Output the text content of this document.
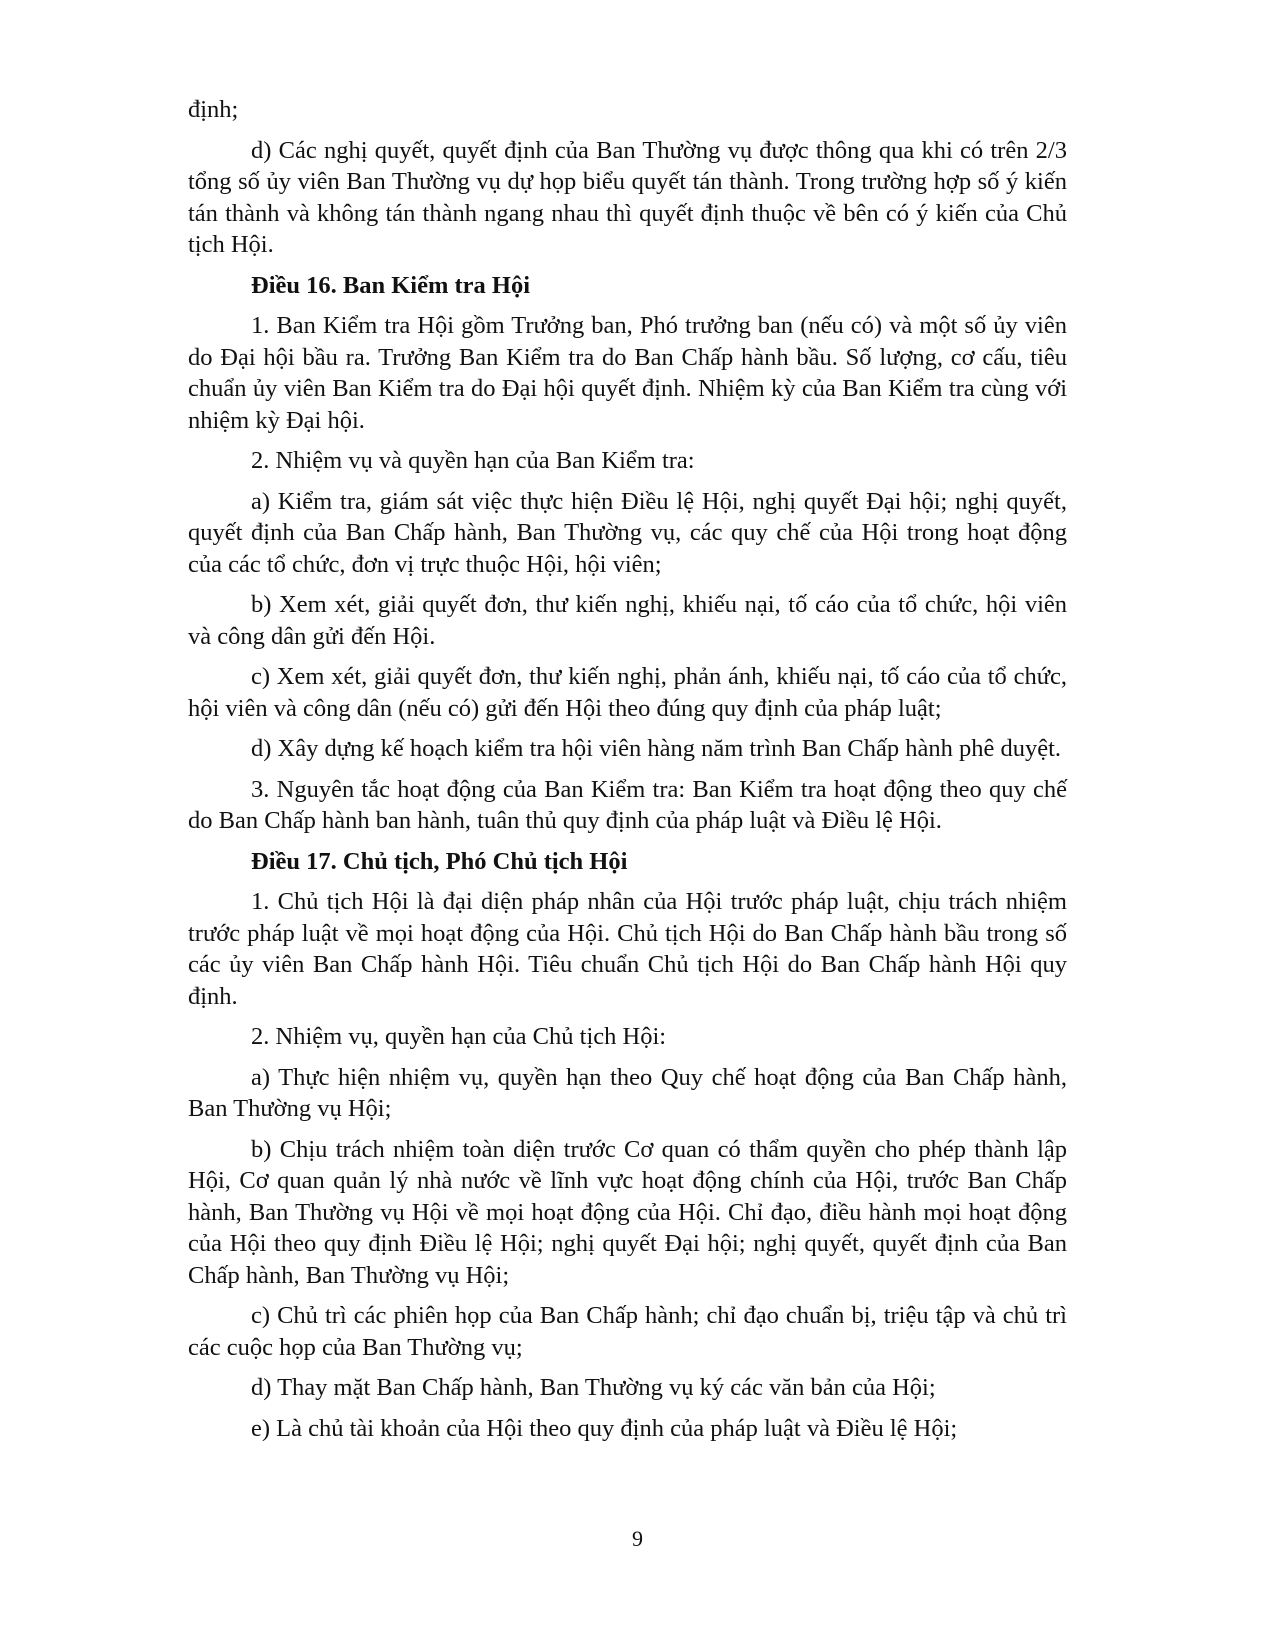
định;

d) Các nghị quyết, quyết định của Ban Thường vụ được thông qua khi có trên 2/3 tổng số ủy viên Ban Thường vụ dự họp biểu quyết tán thành. Trong trường hợp số ý kiến tán thành và không tán thành ngang nhau thì quyết định thuộc về bên có ý kiến của Chủ tịch Hội.

Điều 16. Ban Kiểm tra Hội

1. Ban Kiểm tra Hội gồm Trưởng ban, Phó trưởng ban (nếu có) và một số ủy viên do Đại hội bầu ra. Trưởng Ban Kiểm tra do Ban Chấp hành bầu. Số lượng, cơ cấu, tiêu chuẩn ủy viên Ban Kiểm tra do Đại hội quyết định. Nhiệm kỳ của Ban Kiểm tra cùng với nhiệm kỳ Đại hội.

2. Nhiệm vụ và quyền hạn của Ban Kiểm tra:

a) Kiểm tra, giám sát việc thực hiện Điều lệ Hội, nghị quyết Đại hội; nghị quyết, quyết định của Ban Chấp hành, Ban Thường vụ, các quy chế của Hội trong hoạt động của các tổ chức, đơn vị trực thuộc Hội, hội viên;

b) Xem xét, giải quyết đơn, thư kiến nghị, khiếu nại, tố cáo của tổ chức, hội viên và công dân gửi đến Hội.

c) Xem xét, giải quyết đơn, thư kiến nghị, phản ánh, khiếu nại, tố cáo của tổ chức, hội viên và công dân (nếu có) gửi đến Hội theo đúng quy định của pháp luật;

d) Xây dựng kế hoạch kiểm tra hội viên hàng năm trình Ban Chấp hành phê duyệt.

3. Nguyên tắc hoạt động của Ban Kiểm tra: Ban Kiểm tra hoạt động theo quy chế do Ban Chấp hành ban hành, tuân thủ quy định của pháp luật và Điều lệ Hội.

Điều 17. Chủ tịch, Phó Chủ tịch Hội

1. Chủ tịch Hội là đại diện pháp nhân của Hội trước pháp luật, chịu trách nhiệm trước pháp luật về mọi hoạt động của Hội. Chủ tịch Hội do Ban Chấp hành bầu trong số các ủy viên Ban Chấp hành Hội. Tiêu chuẩn Chủ tịch Hội do Ban Chấp hành Hội quy định.

2. Nhiệm vụ, quyền hạn của Chủ tịch Hội:

a) Thực hiện nhiệm vụ, quyền hạn theo Quy chế hoạt động của Ban Chấp hành, Ban Thường vụ Hội;

b) Chịu trách nhiệm toàn diện trước Cơ quan có thẩm quyền cho phép thành lập Hội, Cơ quan quản lý nhà nước về lĩnh vực hoạt động chính của Hội, trước Ban Chấp hành, Ban Thường vụ Hội về mọi hoạt động của Hội. Chỉ đạo, điều hành mọi hoạt động của Hội theo quy định Điều lệ Hội; nghị quyết Đại hội; nghị quyết, quyết định của Ban Chấp hành, Ban Thường vụ Hội;

c) Chủ trì các phiên họp của Ban Chấp hành; chỉ đạo chuẩn bị, triệu tập và chủ trì các cuộc họp của Ban Thường vụ;

d) Thay mặt Ban Chấp hành, Ban Thường vụ ký các văn bản của Hội;

e) Là chủ tài khoản của Hội theo quy định của pháp luật và Điều lệ Hội;

9
